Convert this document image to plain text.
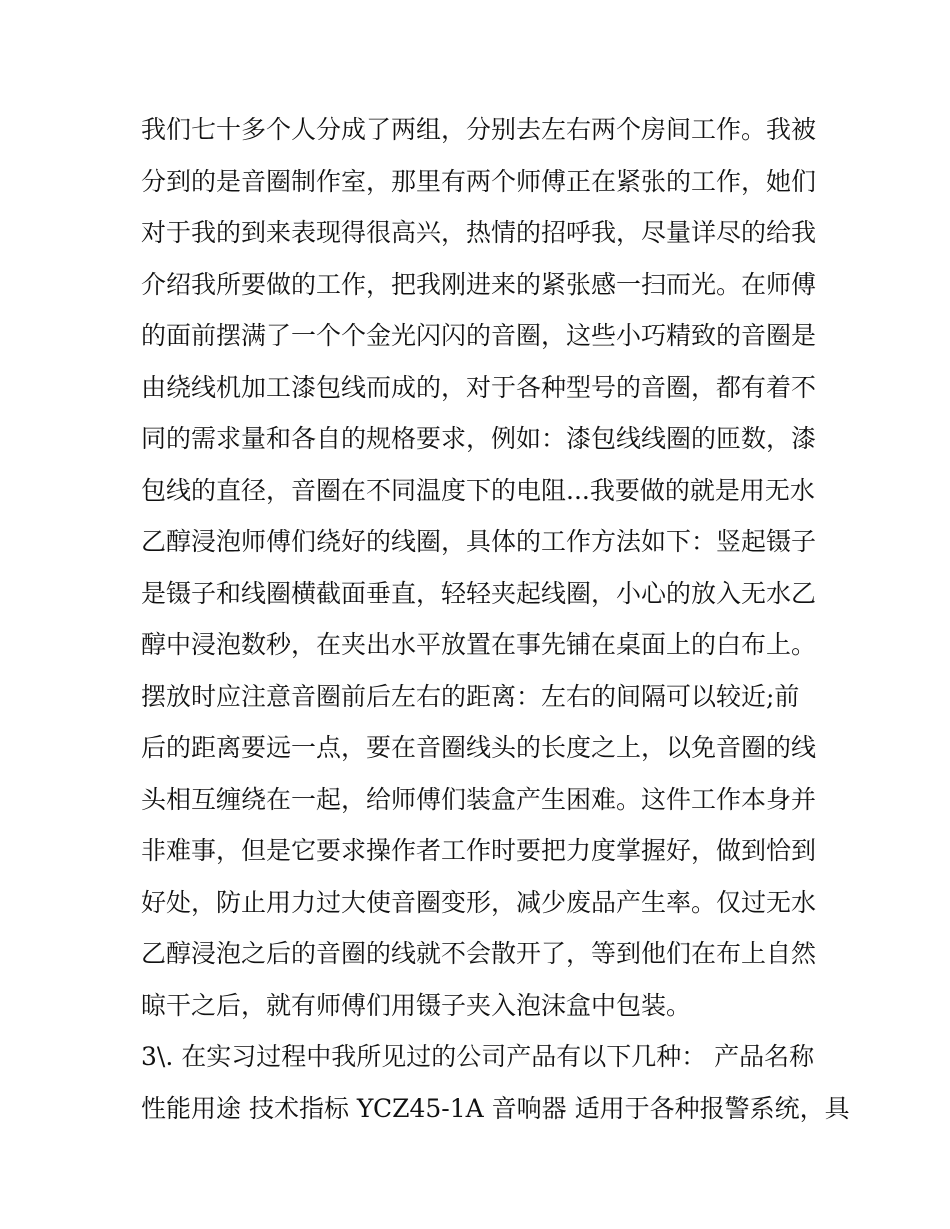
我们七十多个人分成了两组，分别去左右两个房间工作。我被
分到的是音圈制作室，那里有两个师傅正在紧张的工作，她们
对于我的到来表现得很高兴，热情的招呼我，尽量详尽的给我
介绍我所要做的工作，把我刚进来的紧张感一扫而光。在师傅
的面前摆满了一个个金光闪闪的音圈，这些小巧精致的音圈是
由绕线机加工漆包线而成的，对于各种型号的音圈，都有着不
同的需求量和各自的规格要求，例如：漆包线线圈的匝数，漆
包线的直径，音圈在不同温度下的电阻...我要做的就是用无水
乙醇浸泡师傅们绕好的线圈，具体的工作方法如下：竖起镊子
是镊子和线圈横截面垂直，轻轻夹起线圈，小心的放入无水乙
醇中浸泡数秒，在夹出水平放置在事先铺在桌面上的白布上。
摆放时应注意音圈前后左右的距离：左右的间隔可以较近;前
后的距离要远一点，要在音圈线头的长度之上，以免音圈的线
头相互缠绕在一起，给师傅们装盒产生困难。这件工作本身并
非难事，但是它要求操作者工作时要把力度掌握好，做到恰到
好处，防止用力过大使音圈变形，减少废品产生率。仅过无水
乙醇浸泡之后的音圈的线就不会散开了，等到他们在布上自然
晾干之后，就有师傅们用镊子夹入泡沫盒中包装。
3\. 在实习过程中我所见过的公司产品有以下几种： 产品名称
性能用途 技术指标 YCZ45-1A 音响器 适用于各种报警系统，具
